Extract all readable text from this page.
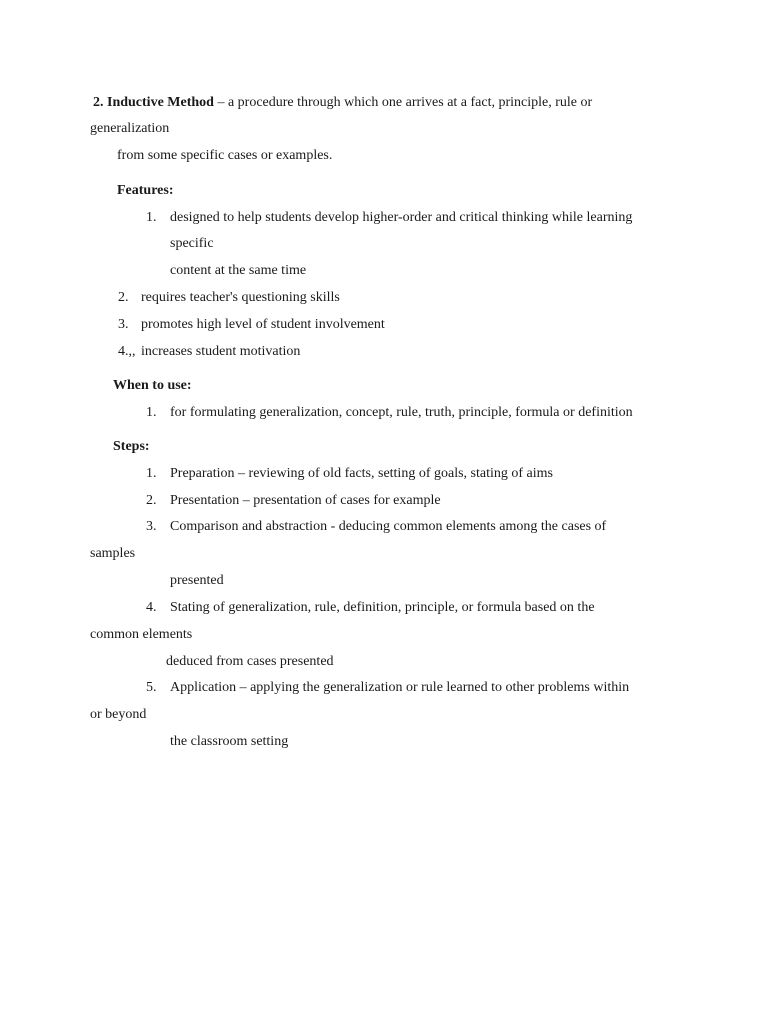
2. Inductive Method – a procedure through which one arrives at a fact, principle, rule or
generalization
from some specific cases or examples.
Features:
1. designed to help students develop higher-order and critical thinking while learning
specific
content at the same time
2. requires teacher's questioning skills
3. promotes high level of student involvement
4.,, increases student motivation
When to use:
1. for formulating generalization, concept, rule, truth, principle, formula or definition
Steps:
1. Preparation – reviewing of old facts, setting of goals, stating of aims
2. Presentation – presentation of cases for example
3. Comparison and abstraction - deducing common elements among the cases of
samples
presented
4. Stating of generalization, rule, definition, principle, or formula based on the
common elements
deduced from cases presented
5. Application – applying the generalization or rule learned to other problems within
or beyond
the classroom setting
